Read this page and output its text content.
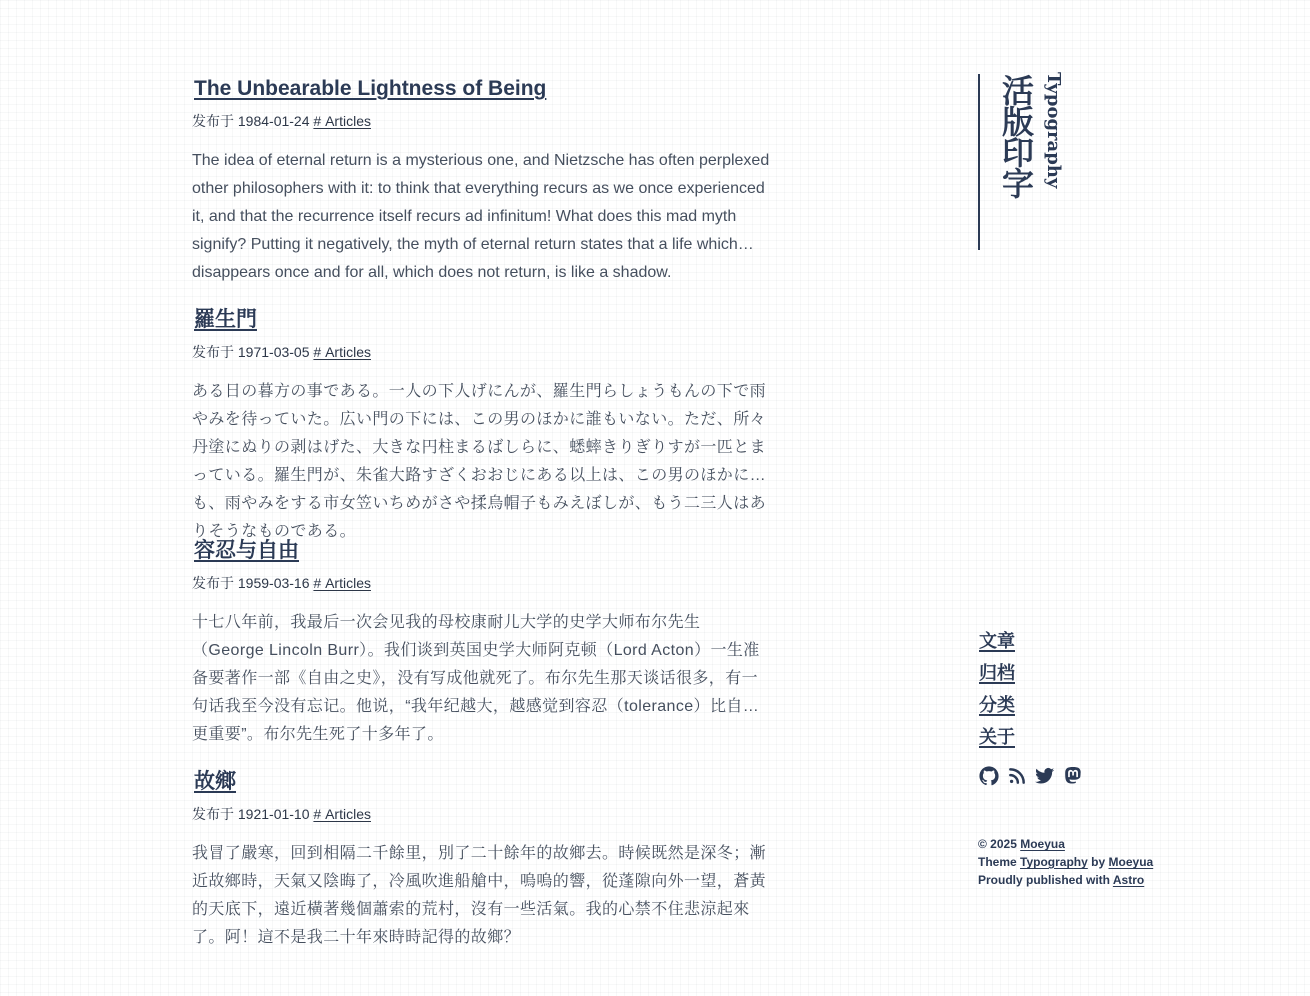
The Unbearable Lightness of Being
发布于 1984-01-24 # Articles

The idea of eternal return is a mysterious one, and Nietzsche has often perplexed other philosophers with it: to think that everything recurs as we once experienced it, and that the recurrence itself recurs ad infinitum! What does this mad myth signify? Putting it negatively, the myth of eternal return states that a life which disappears once and for all, which does not return, is like a shadow.

羅生門
发布于 1971-03-05 # Articles

ある日の暮方の事である。一人の下人げにんが、羅生門らしょうもんの下で雨やみを待っていた。広い門の下には、この男のほかに誰もいない。ただ、所々丹塗にぬりの剥はげた、大きな円柱まるばしらに、蟋蟀きりぎりすが一匹とまっている。羅生門が、朱雀大路すざくおおじにある以上は、この男のほかにも、雨やみをする市女笠いちめがさや揉烏帽子もみえぼしが、もう二三人はありそうなものである。

容忍与自由
发布于 1959-03-16 # Articles

十七八年前，我最后一次会见我的母校康耐儿大学的史学大师布尔先生（George Lincoln Burr）。我们谈到英国史学大师阿克顿（Lord Acton）一生准备要著作一部《自由之史》，没有写成他就死了。布尔先生那天谈话很多，有一句话我至今没有忘记。他说，“我年纪越大，越感觉到容忍（tolerance）比自由更重要”。布尔先生死了十多年了。

故鄉
发布于 1921-01-10 # Articles

我冒了嚴寒，回到相隔二千餘里，別了二十餘年的故鄉去。時候既然是深冬；漸近故鄉時，天氣又陰晦了，冷風吹進船艙中，嗚嗚的響，從蓬隙向外一望，蒼黃的天底下，遠近橫著幾個蕭索的荒村，沒有一些活氣。我的心禁不住悲涼起來了。阿！這不是我二十年來時時記得的故鄉？

活版印字 Typography
文章
归档
分类
关于
© 2025 Moeyua
Theme Typography by Moeyua
Proudly published with Astro
